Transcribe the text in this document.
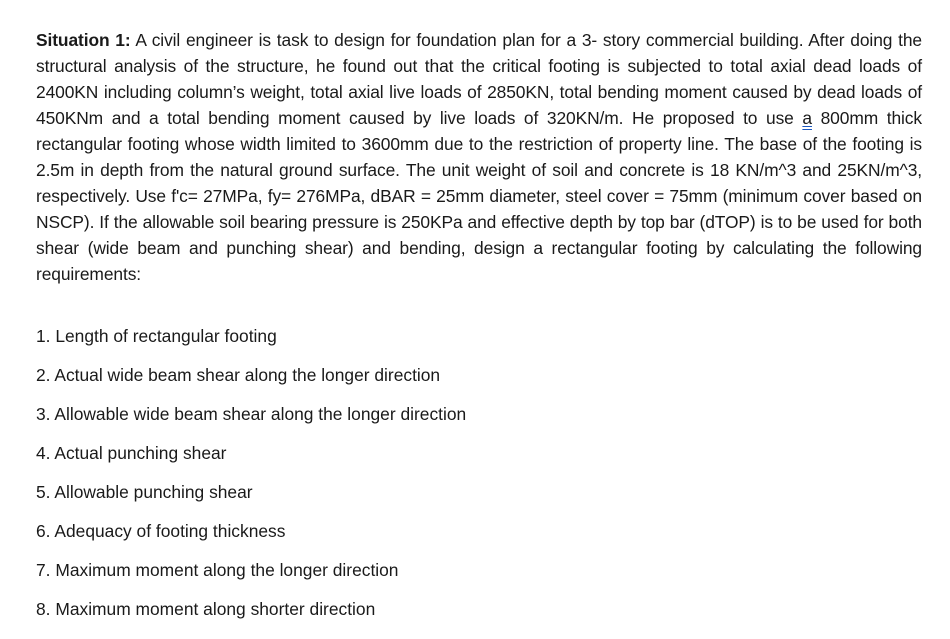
Situation 1: A civil engineer is task to design for foundation plan for a 3- story commercial building. After doing the structural analysis of the structure, he found out that the critical footing is subjected to total axial dead loads of 2400KN including column’s weight, total axial live loads of 2850KN, total bending moment caused by dead loads of 450KNm and a total bending moment caused by live loads of 320KN/m. He proposed to use a 800mm thick rectangular footing whose width limited to 3600mm due to the restriction of property line. The base of the footing is 2.5m in depth from the natural ground surface. The unit weight of soil and concrete is 18 KN/m^3 and 25KN/m^3, respectively. Use f'c= 27MPa, fy= 276MPa, dBAR = 25mm diameter, steel cover = 75mm (minimum cover based on NSCP). If the allowable soil bearing pressure is 250KPa and effective depth by top bar (dTOP) is to be used for both shear (wide beam and punching shear) and bending, design a rectangular footing by calculating the following requirements:

1. Length of rectangular footing
2. Actual wide beam shear along the longer direction
3. Allowable wide beam shear along the longer direction
4. Actual punching shear
5. Allowable punching shear
6. Adequacy of footing thickness
7. Maximum moment along the longer direction
8. Maximum moment along shorter direction
